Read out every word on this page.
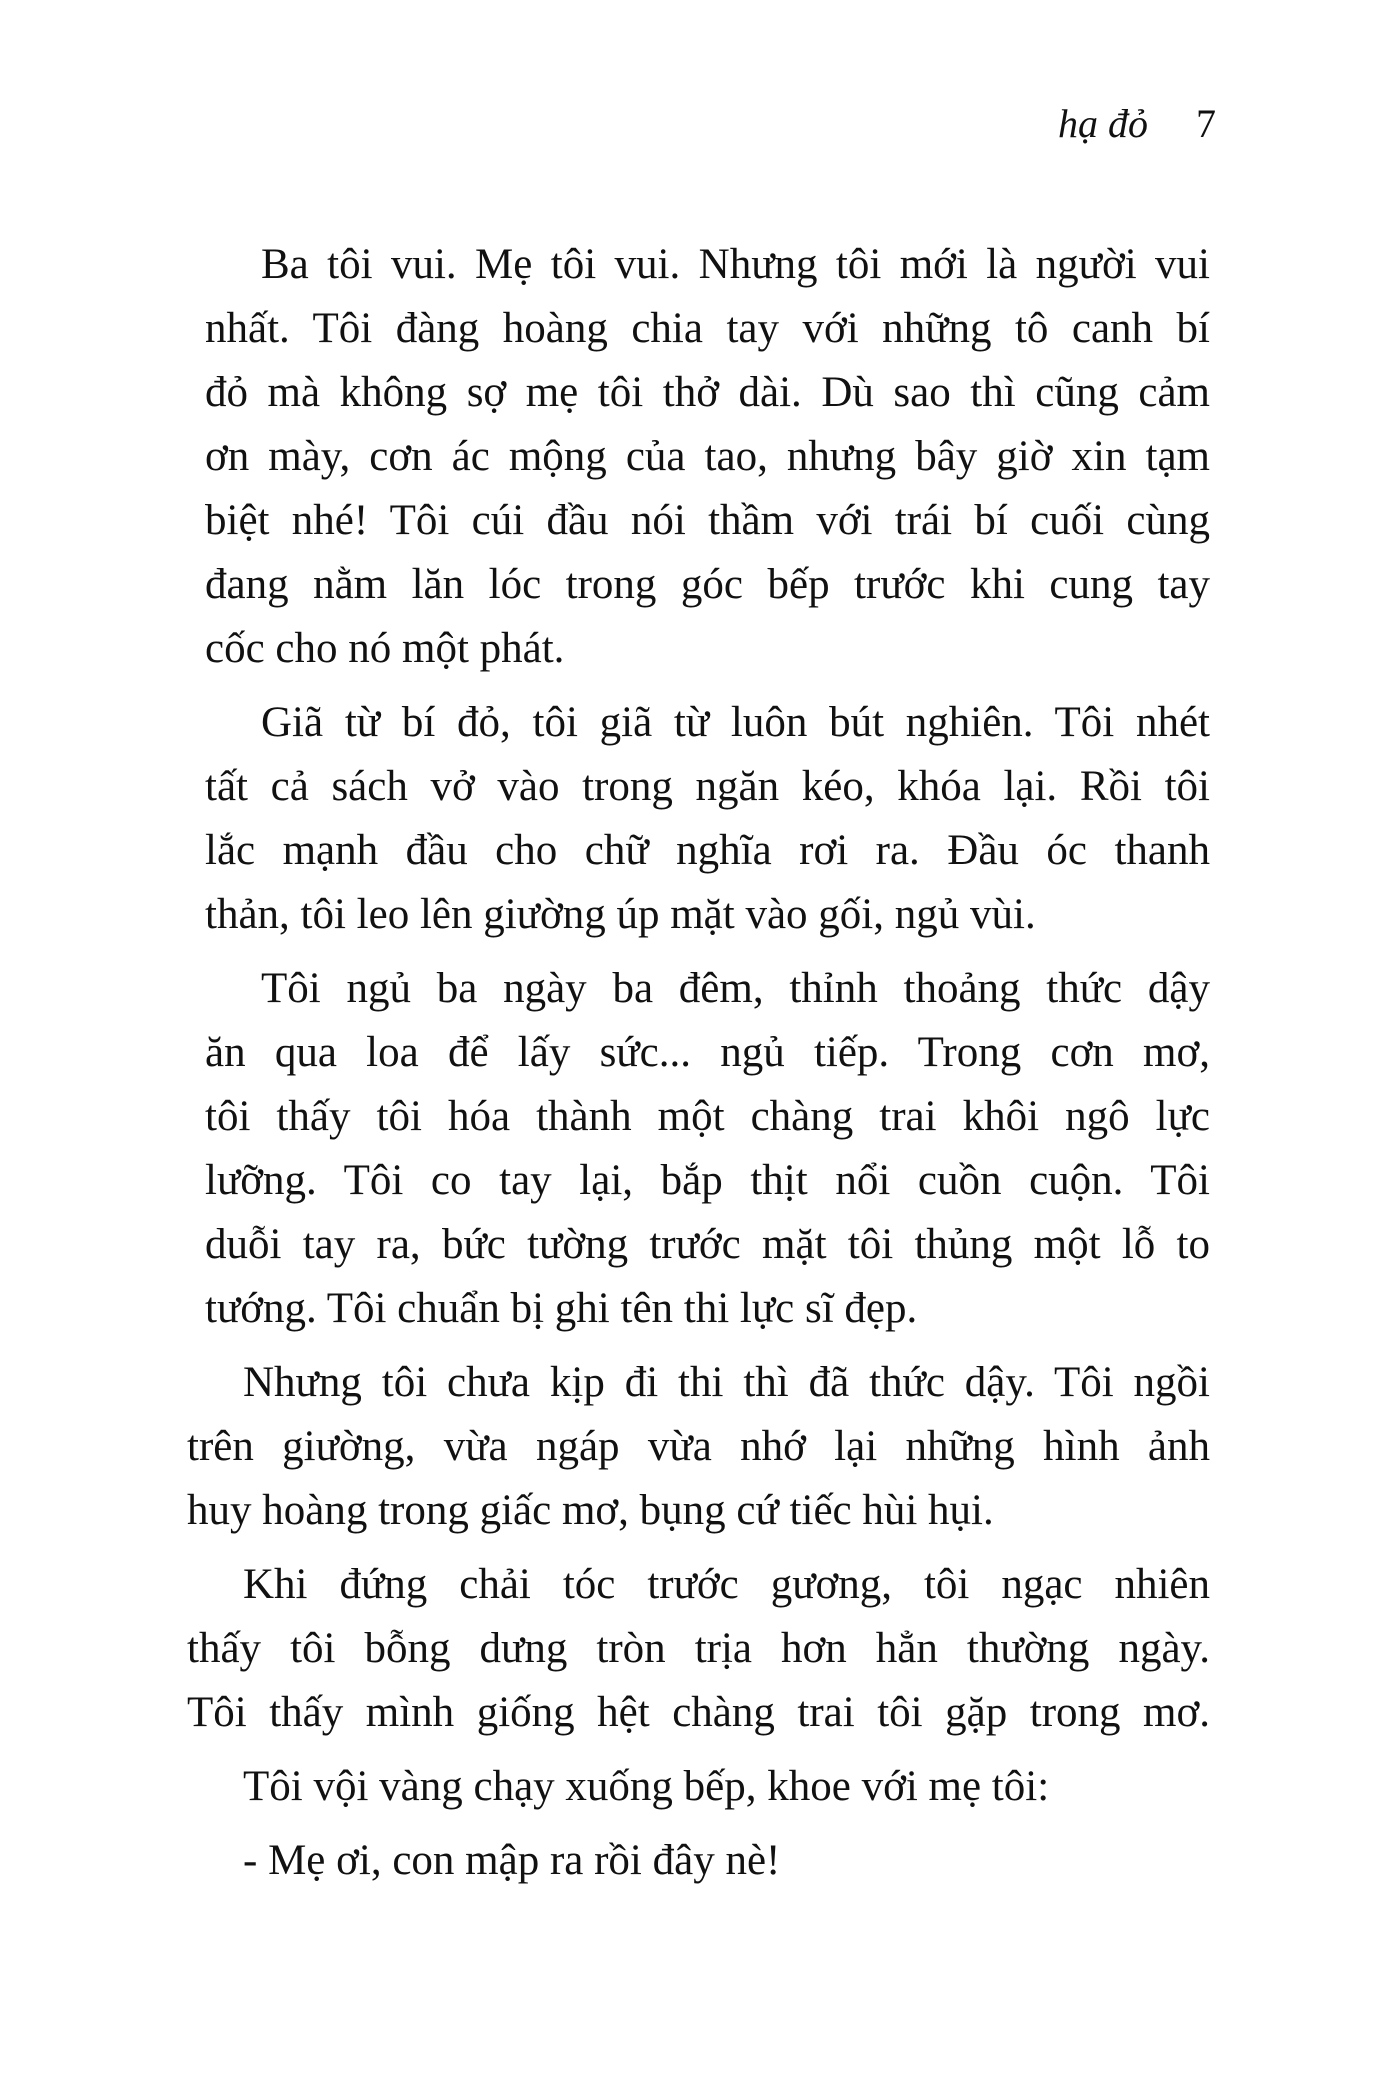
hạ đỏ 7
Ba tôi vui. Mẹ tôi vui. Nhưng tôi mới là người vui
nhất. Tôi đàng hoàng chia tay với những tô canh bí
đỏ mà không sợ mẹ tôi thở dài. Dù sao thì cũng cảm
ơn mày, cơn ác mộng của tao, nhưng bây giờ xin tạm
biệt nhé! Tôi cúi đầu nói thầm với trái bí cuối cùng
đang nằm lăn lóc trong góc bếp trước khi cung tay
cốc cho nó một phát.
Giã từ bí đỏ, tôi giã từ luôn bút nghiên. Tôi nhét
tất cả sách vở vào trong ngăn kéo, khóa lại. Rồi tôi
lắc mạnh đầu cho chữ nghĩa rơi ra. Đầu óc thanh
thản, tôi leo lên giường úp mặt vào gối, ngủ vùi.
Tôi ngủ ba ngày ba đêm, thỉnh thoảng thức dậy
ăn qua loa để lấy sức... ngủ tiếp. Trong cơn mơ,
tôi thấy tôi hóa thành một chàng trai khôi ngô lực
lưỡng. Tôi co tay lại, bắp thịt nổi cuồn cuộn. Tôi
duỗi tay ra, bức tường trước mặt tôi thủng một lỗ to
tướng. Tôi chuẩn bị ghi tên thi lực sĩ đẹp.
Nhưng tôi chưa kịp đi thi thì đã thức dậy. Tôi ngồi
trên giường, vừa ngáp vừa nhớ lại những hình ảnh
huy hoàng trong giấc mơ, bụng cứ tiếc hùi hụi.
Khi đứng chải tóc trước gương, tôi ngạc nhiên
thấy tôi bỗng dưng tròn trịa hơn hẳn thường ngày.
Tôi thấy mình giống hệt chàng trai tôi gặp trong mơ.
Tôi vội vàng chạy xuống bếp, khoe với mẹ tôi:
- Mẹ ơi, con mập ra rồi đây nè!
